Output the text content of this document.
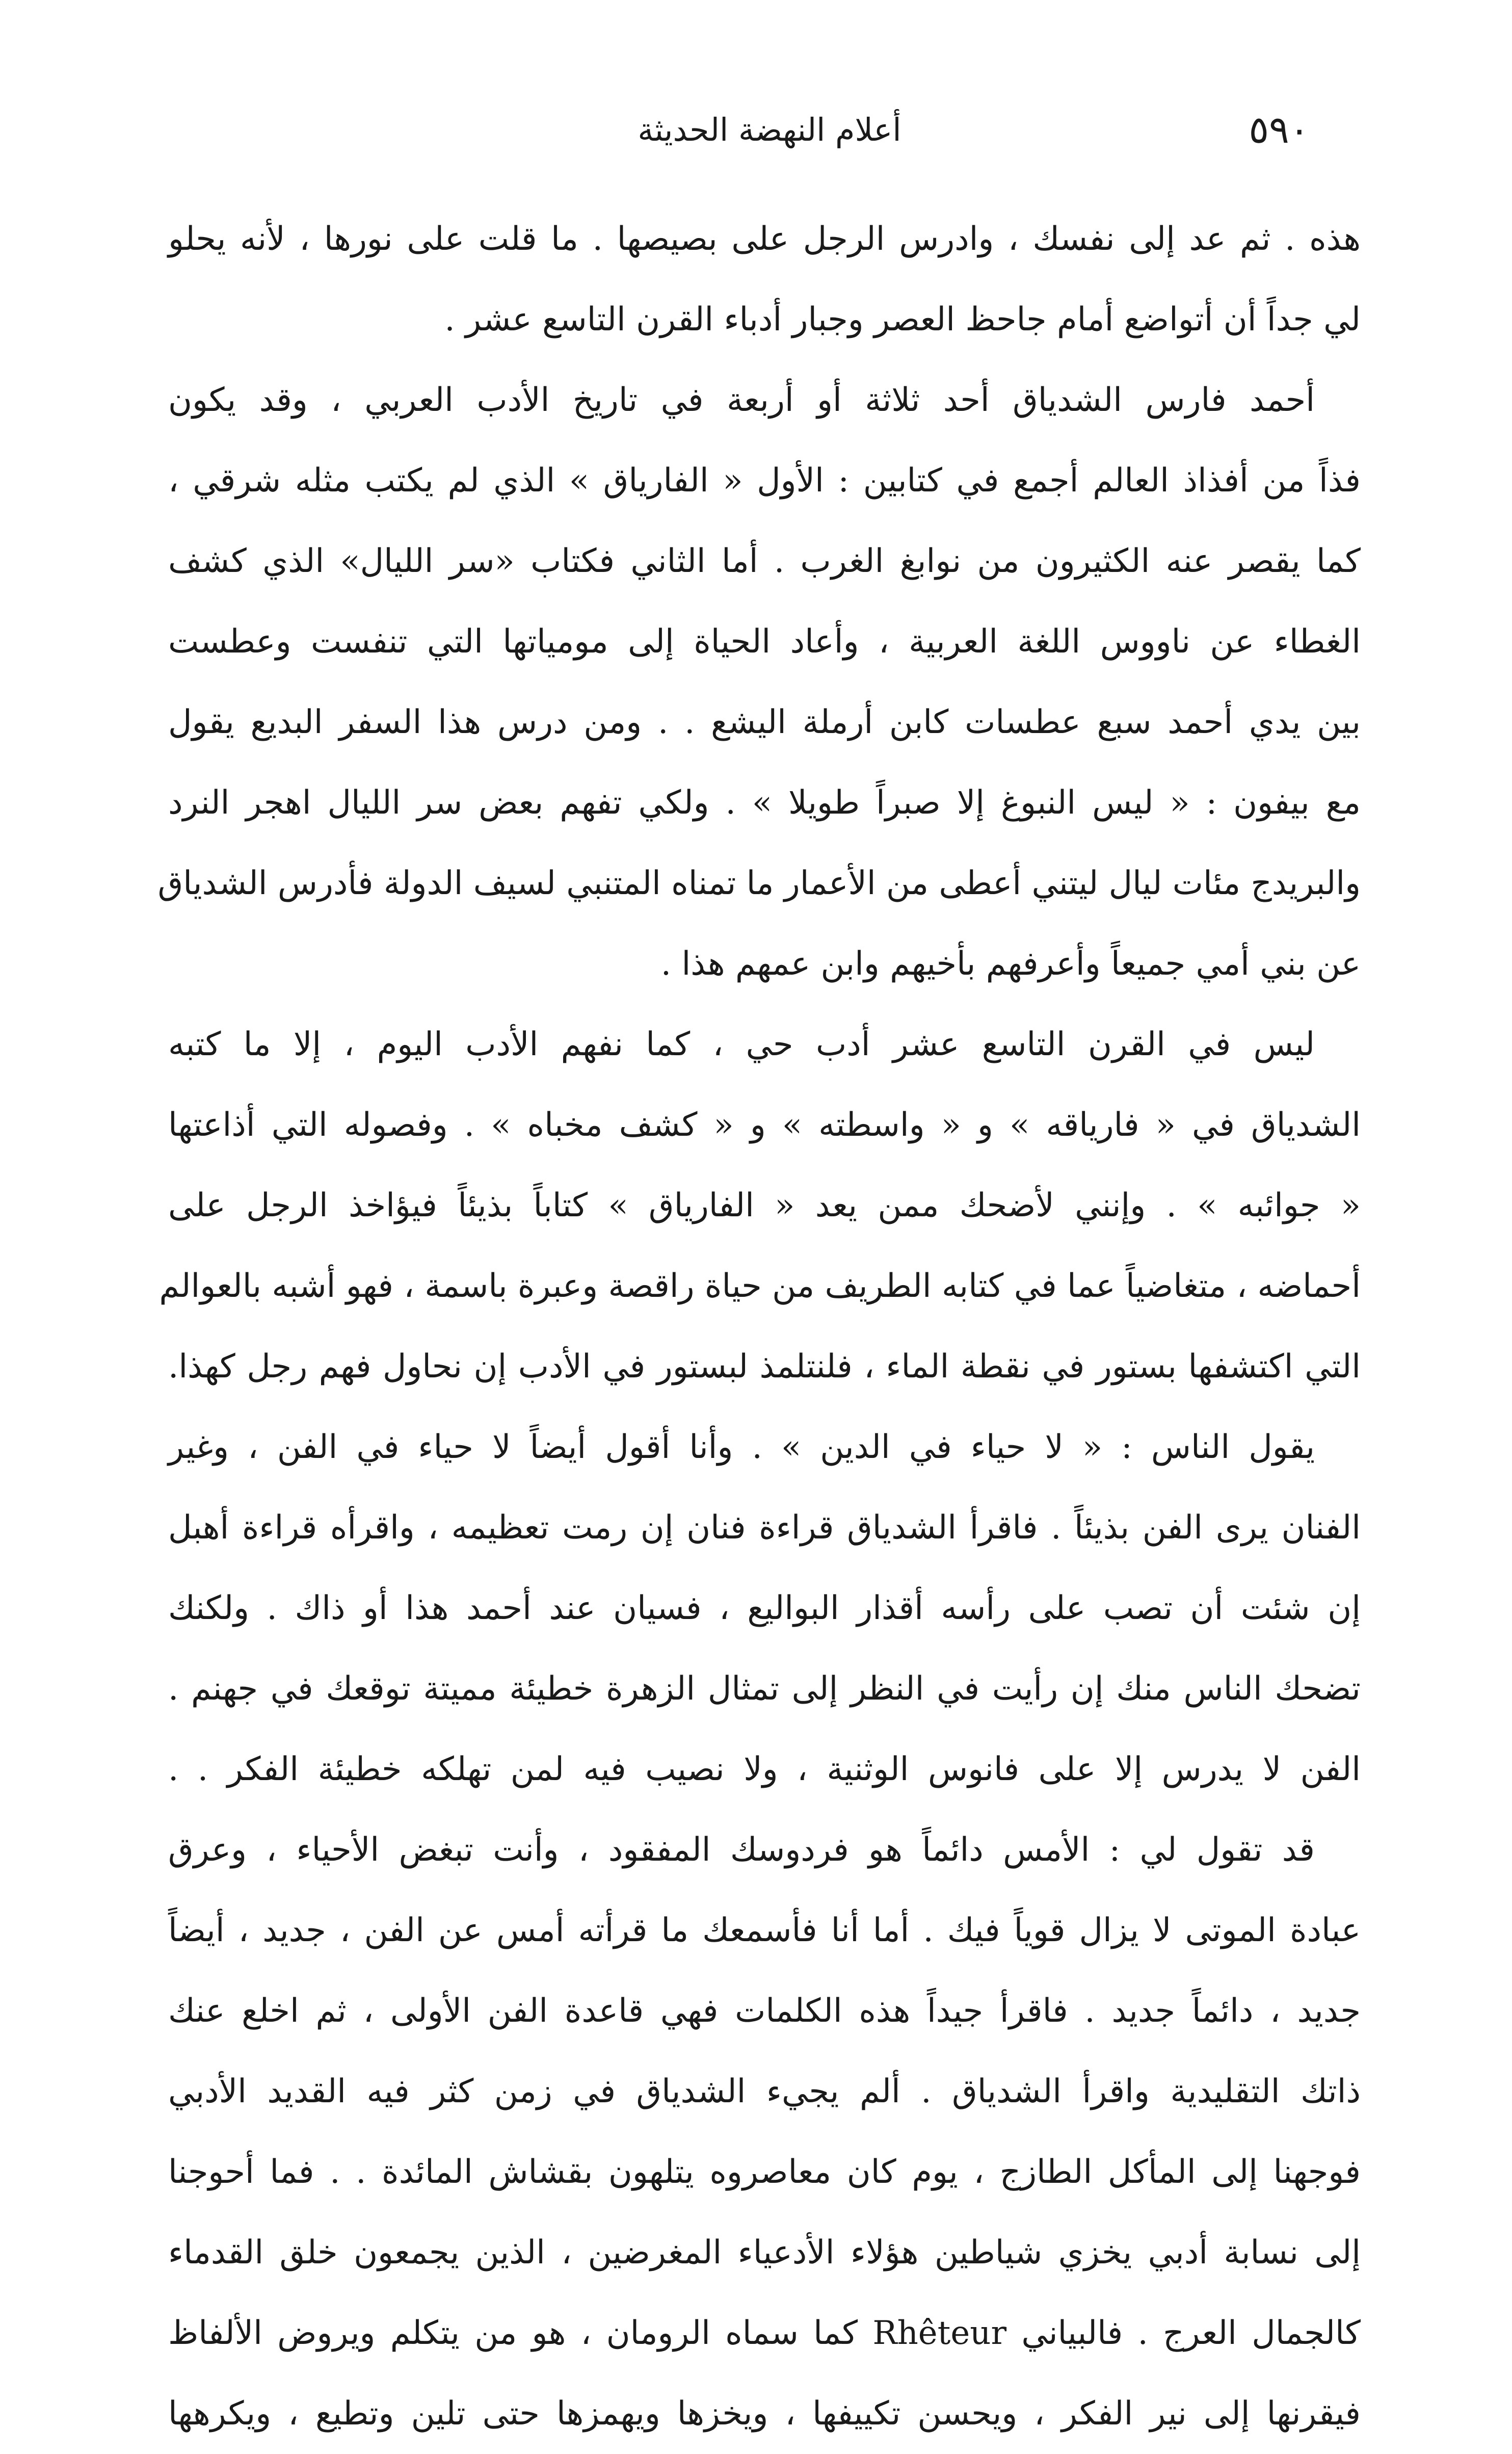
٥٩٠
أعلام النهضة الحديثة
هذه . ثم عد إلى نفسك ، وادرس الرجل على بصيصها . ما قلت على نورها ، لأنه يحلو
لي جداً أن أتواضع أمام جاحظ العصر وجبار أدباء القرن التاسع عشر .
أحمد فارس الشدياق أحد ثلاثة أو أربعة في تاريخ الأدب العربي ، وقد يكون
فذاً من أفذاذ العالم أجمع في كتابين : الأول « الفارياق » الذي لم يكتب مثله شرقي ،
كما يقصر عنه الكثيرون من نوابغ الغرب . أما الثاني فكتاب «سر الليال» الذي كشف
الغطاء عن ناووس اللغة العربية ، وأعاد الحياة إلى مومياتها التي تنفست وعطست
بين يدي أحمد سبع عطسات كابن أرملة اليشع . . ومن درس هذا السفر البديع يقول
مع بيفون : « ليس النبوغ إلا صبراً طويلا » . ولكي تفهم بعض سر الليال اهجر النرد
والبريدج مئات ليال ليتني أعطى من الأعمار ما تمناه المتنبي لسيف الدولة فأدرس الشدياق
عن بني أمي جميعاً وأعرفهم بأخيهم وابن عمهم هذا .
ليس في القرن التاسع عشر أدب حي ، كما نفهم الأدب اليوم ، إلا ما كتبه
الشدياق في « فارياقه » و « واسطته » و « كشف مخباه » . وفصوله التي أذاعتها
« جوائبه » . وإنني لأضحك ممن يعد « الفارياق » كتاباً بذيئاً فيؤاخذ الرجل على
أحماضه ، متغاضياً عما في كتابه الطريف من حياة راقصة وعبرة باسمة ، فهو أشبه بالعوالم
التي اكتشفها بستور في نقطة الماء ، فلنتلمذ لبستور في الأدب إن نحاول فهم رجل كهذا.
يقول الناس : « لا حياء في الدين » . وأنا أقول أيضاً لا حياء في الفن ، وغير
الفنان يرى الفن بذيئاً . فاقرأ الشدياق قراءة فنان إن رمت تعظيمه ، واقرأه قراءة أهبل
إن شئت أن تصب على رأسه أقذار البواليع ، فسيان عند أحمد هذا أو ذاك . ولكنك
تضحك الناس منك إن رأيت في النظر إلى تمثال الزهرة خطيئة مميتة توقعك في جهنم .
الفن لا يدرس إلا على فانوس الوثنية ، ولا نصيب فيه لمن تهلكه خطيئة الفكر . .
قد تقول لي : الأمس دائماً هو فردوسك المفقود ، وأنت تبغض الأحياء ، وعرق
عبادة الموتى لا يزال قوياً فيك . أما أنا فأسمعك ما قرأته أمس عن الفن ، جديد ، أيضاً
جديد ، دائماً جديد . فاقرأ جيداً هذه الكلمات فهي قاعدة الفن الأولى ، ثم اخلع عنك
ذاتك التقليدية واقرأ الشدياق . ألم يجيء الشدياق في زمن كثر فيه القديد الأدبي
فوجهنا إلى المأكل الطازج ، يوم كان معاصروه يتلهون بقشاش المائدة . . فما أحوجنا
إلى نسابة أدبي يخزي شياطين هؤلاء الأدعياء المغرضين ، الذين يجمعون خلق القدماء
كالجمال العرج . فالبياني Rhêteur كما سماه الرومان ، هو من يتكلم ويروض الألفاظ
فيقرنها إلى نير الفكر ، ويحسن تكييفها ، ويخزها ويهمزها حتى تلين وتطيع ، ويكرهها
